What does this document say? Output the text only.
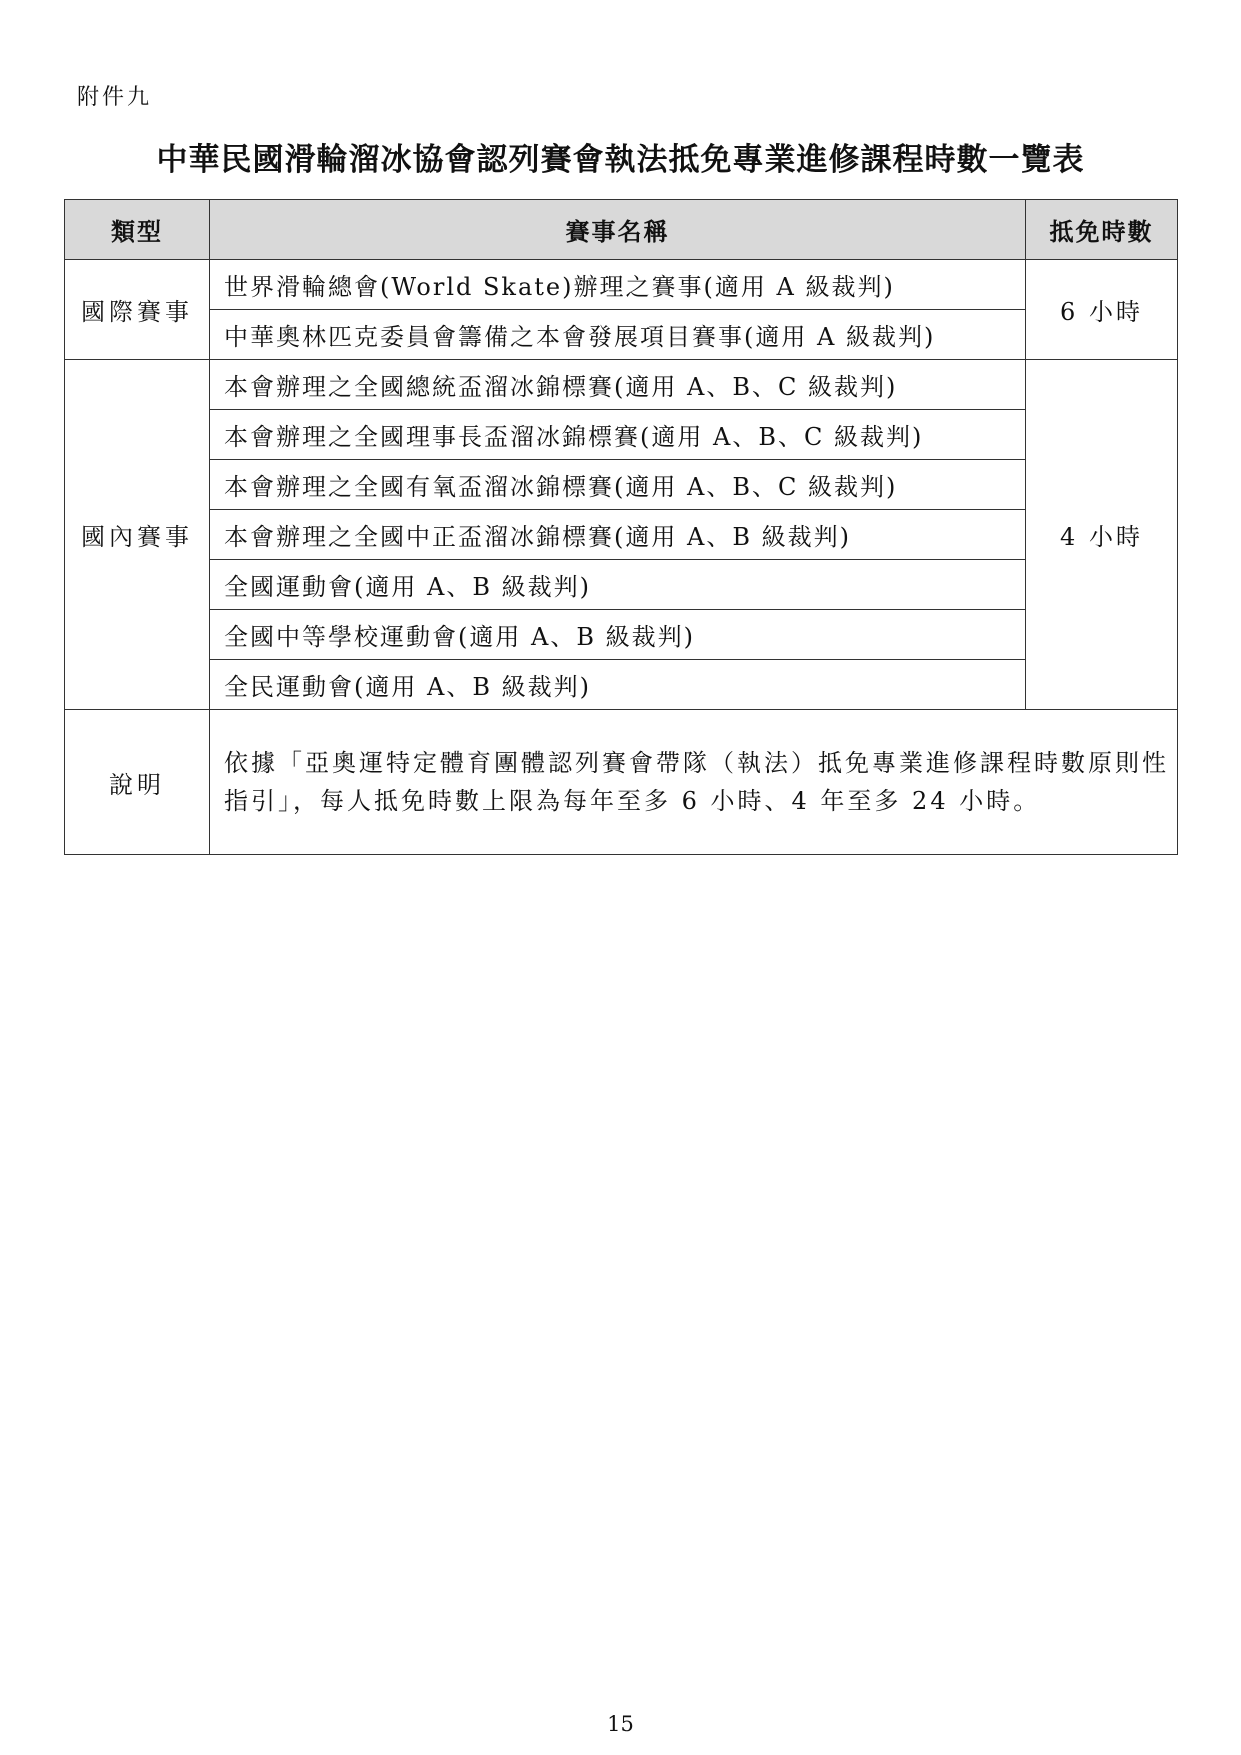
附件九
中華民國滑輪溜冰協會認列賽會執法抵免專業進修課程時數一覽表
類型	賽事名稱	抵免時數
國際賽事	世界滑輪總會(World Skate)辦理之賽事(適用 A 級裁判)	6 小時
	中華奧林匹克委員會籌備之本會發展項目賽事(適用 A 級裁判)	
國內賽事	本會辦理之全國總統盃溜冰錦標賽(適用 A、B、C 級裁判)	4 小時
	本會辦理之全國理事長盃溜冰錦標賽(適用 A、B、C 級裁判)	
	本會辦理之全國有氧盃溜冰錦標賽(適用 A、B、C 級裁判)	
	本會辦理之全國中正盃溜冰錦標賽(適用 A、B 級裁判)	
	全國運動會(適用 A、B 級裁判)	
	全國中等學校運動會(適用 A、B 級裁判)	
	全民運動會(適用 A、B 級裁判)	
說明	依據「亞奧運特定體育團體認列賽會帶隊（執法）抵免專業進修課程時數原則性指引」，每人抵免時數上限為每年至多 6 小時、4 年至多 24 小時。	
15
